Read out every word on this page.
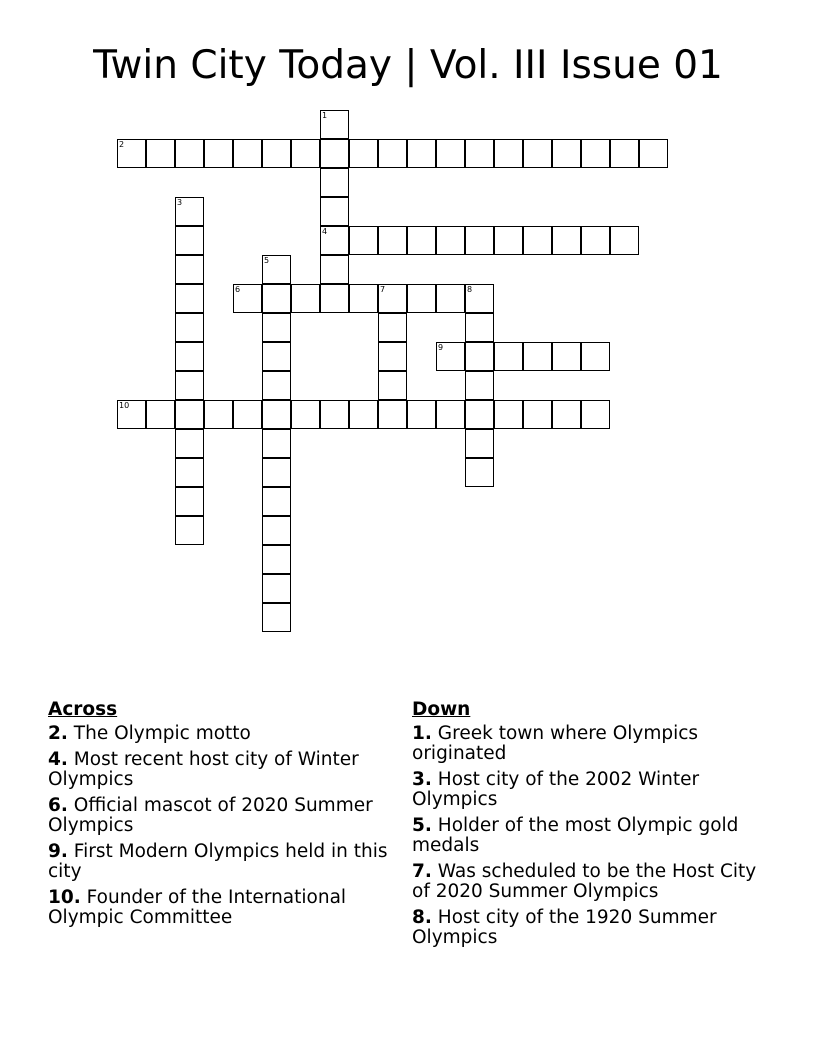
Twin City Today | Vol. III Issue 01
1
4
2
3
5
6	7	8
9
10
Across
2. The Olympic motto
4. Most recent host city of Winter Olympics
6. Official mascot of 2020 Summer Olympics
9. First Modern Olympics held in this city
10. Founder of the International Olympic Committee
Down
1. Greek town where Olympics originated
3. Host city of the 2002 Winter Olympics
5. Holder of the most Olympic gold medals
7. Was scheduled to be the Host City of 2020 Summer Olympics
8. Host city of the 1920 Summer Olympics
